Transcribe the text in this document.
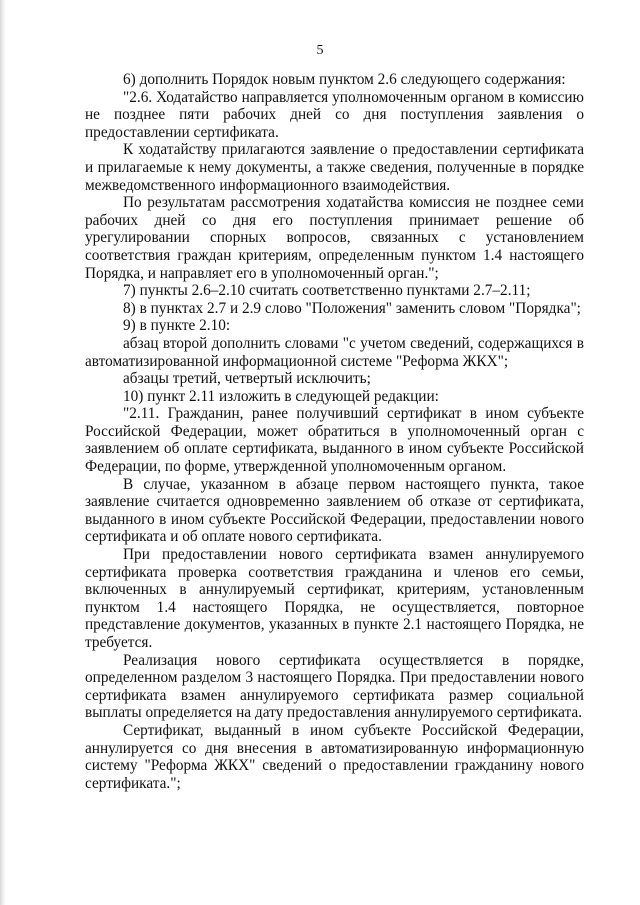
5

6) дополнить Порядок новым пунктом 2.6 следующего содержания:

"2.6. Ходатайство направляется уполномоченным органом в комиссию не позднее пяти рабочих дней со дня поступления заявления о предоставлении сертификата.

К ходатайству прилагаются заявление о предоставлении сертификата и прилагаемые к нему документы, а также сведения, полученные в порядке межведомственного информационного взаимодействия.

По результатам рассмотрения ходатайства комиссия не позднее семи рабочих дней со дня его поступления принимает решение об урегулировании спорных вопросов, связанных с установлением соответствия граждан критериям, определенным пунктом 1.4 настоящего Порядка, и направляет его в уполномоченный орган.";

7) пункты 2.6–2.10 считать соответственно пунктами 2.7–2.11;

8) в пунктах 2.7 и 2.9 слово "Положения" заменить словом "Порядка";

9) в пункте 2.10:

абзац второй дополнить словами "с учетом сведений, содержащихся в автоматизированной информационной системе "Реформа ЖКХ";

абзацы третий, четвертый исключить;

10) пункт 2.11 изложить в следующей редакции:

"2.11. Гражданин, ранее получивший сертификат в ином субъекте Российской Федерации, может обратиться в уполномоченный орган с заявлением об оплате сертификата, выданного в ином субъекте Российской Федерации, по форме, утвержденной уполномоченным органом.

В случае, указанном в абзаце первом настоящего пункта, такое заявление считается одновременно заявлением об отказе от сертификата, выданного в ином субъекте Российской Федерации, предоставлении нового сертификата и об оплате нового сертификата.

При предоставлении нового сертификата взамен аннулируемого сертификата проверка соответствия гражданина и членов его семьи, включенных в аннулируемый сертификат, критериям, установленным пунктом 1.4 настоящего Порядка, не осуществляется, повторное представление документов, указанных в пункте 2.1 настоящего Порядка, не требуется.

Реализация нового сертификата осуществляется в порядке, определенном разделом 3 настоящего Порядка. При предоставлении нового сертификата взамен аннулируемого сертификата размер социальной выплаты определяется на дату предоставления аннулируемого сертификата.

Сертификат, выданный в ином субъекте Российской Федерации, аннулируется со дня внесения в автоматизированную информационную систему "Реформа ЖКХ" сведений о предоставлении гражданину нового сертификата.";
